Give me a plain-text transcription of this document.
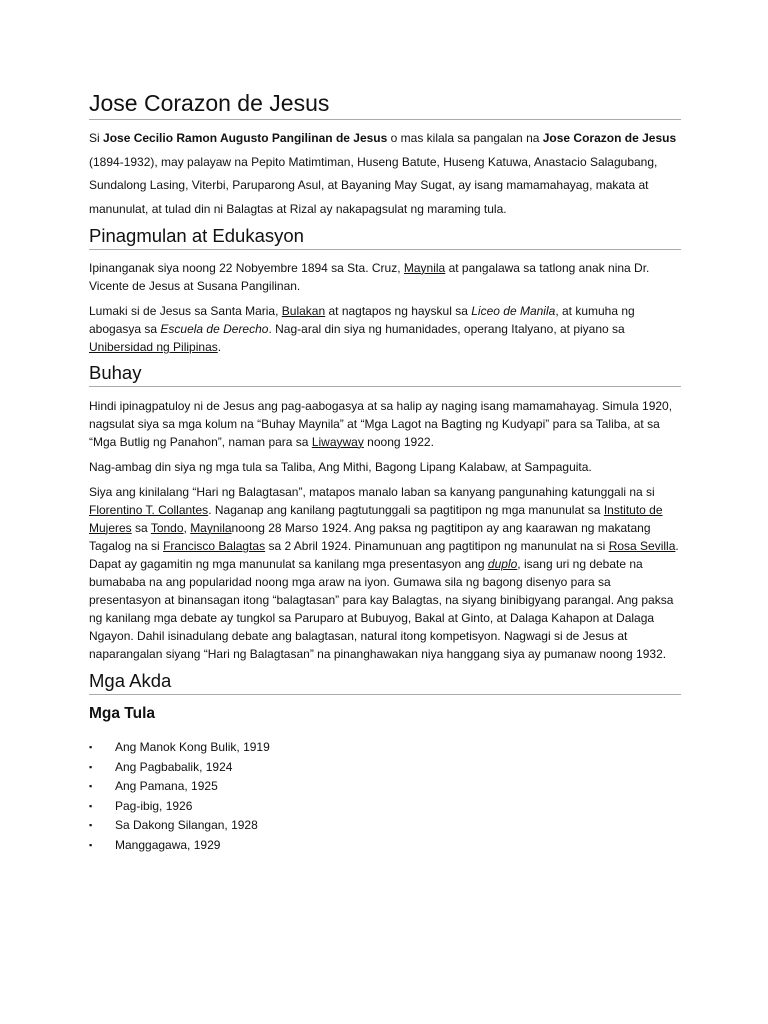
Jose Corazon de Jesus

Si Jose Cecilio Ramon Augusto Pangilinan de Jesus o mas kilala sa pangalan na Jose Corazon de Jesus (1894-1932), may palayaw na Pepito Matimtiman, Huseng Batute, Huseng Katuwa, Anastacio Salagubang, Sundalong Lasing, Viterbi, Paruparong Asul, at Bayaning May Sugat, ay isang mamamahayag, makata at manunulat, at tulad din ni Balagtas at Rizal ay nakapagsulat ng maraming tula.

Pinagmulan at Edukasyon

Ipinanganak siya noong 22 Nobyembre 1894 sa Sta. Cruz, Maynila at pangalawa sa tatlong anak nina Dr. Vicente de Jesus at Susana Pangilinan.

Lumaki si de Jesus sa Santa Maria, Bulakan at nagtapos ng hayskul sa Liceo de Manila, at kumuha ng abogasya sa Escuela de Derecho. Nag-aral din siya ng humanidades, operang Italyano, at piyano sa Unibersidad ng Pilipinas.

Buhay

Hindi ipinagpatuloy ni de Jesus ang pag-aabogasya at sa halip ay naging isang mamamahayag. Simula 1920, nagsulat siya sa mga kolum na “Buhay Maynila” at “Mga Lagot na Bagting ng Kudyapi” para sa Taliba, at sa “Mga Butlig ng Panahon”, naman para sa Liwayway noong 1922.

Nag-ambag din siya ng mga tula sa Taliba, Ang Mithi, Bagong Lipang Kalabaw, at Sampaguita.

Siya ang kinilalang “Hari ng Balagtasan”, matapos manalo laban sa kanyang pangunahing katunggali na si Florentino T. Collantes. Naganap ang kanilang pagtutunggali sa pagtitipon ng mga manunulat sa Instituto de Mujeres sa Tondo, Maynilanoong 28 Marso 1924. Ang paksa ng pagtitipon ay ang kaarawan ng makatang Tagalog na si Francisco Balagtas sa 2 Abril 1924. Pinamunuan ang pagtitipon ng manunulat na si Rosa Sevilla. Dapat ay gagamitin ng mga manunulat sa kanilang mga presentasyon ang duplo, isang uri ng debate na bumababa na ang popularidad noong mga araw na iyon. Gumawa sila ng bagong disenyo para sa presentasyon at binansagan itong “balagtasan” para kay Balagtas, na siyang binibigyang parangal. Ang paksa ng kanilang mga debate ay tungkol sa Paruparo at Bubuyog, Bakal at Ginto, at Dalaga Kahapon at Dalaga Ngayon. Dahil isinadulang debate ang balagtasan, natural itong kompetisyon. Nagwagi si de Jesus at naparangalan siyang “Hari ng Balagtasan” na pinanghawakan niya hanggang siya ay pumanaw noong 1932.

Mga Akda
Mga Tula
▪ Ang Manok Kong Bulik, 1919
▪ Ang Pagbabalik, 1924
▪ Ang Pamana, 1925
▪ Pag-ibig, 1926
▪ Sa Dakong Silangan, 1928
▪ Manggagawa, 1929
